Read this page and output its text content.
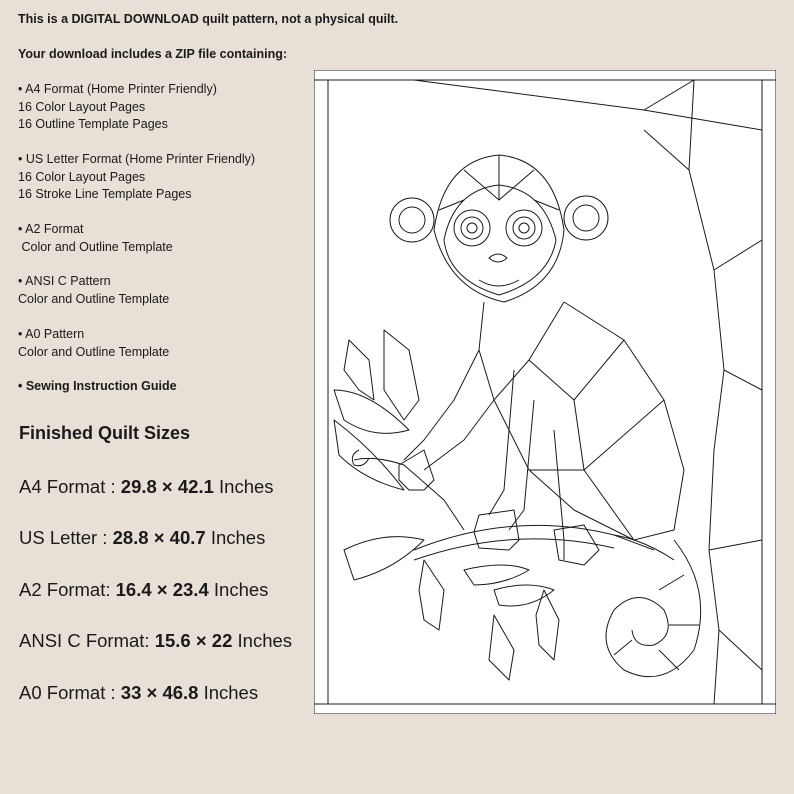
This is a DIGITAL DOWNLOAD quilt pattern, not a physical quilt.
Your download includes a ZIP file containing:
• A4 Format (Home Printer Friendly)
16 Color Layout Pages
16 Outline Template Pages
• US Letter Format (Home Printer Friendly)
16 Color Layout Pages
16 Stroke Line Template Pages
• A2 Format
Color and Outline Template
• ANSI C Pattern
Color and Outline Template
• A0 Pattern
Color and Outline Template
• Sewing Instruction Guide
Finished Quilt Sizes
A4 Format : 29.8 × 42.1 Inches
US Letter : 28.8 × 40.7 Inches
A2 Format: 16.4 × 23.4 Inches
ANSI C Format: 15.6 × 22 Inches
A0 Format : 33 × 46.8 Inches
